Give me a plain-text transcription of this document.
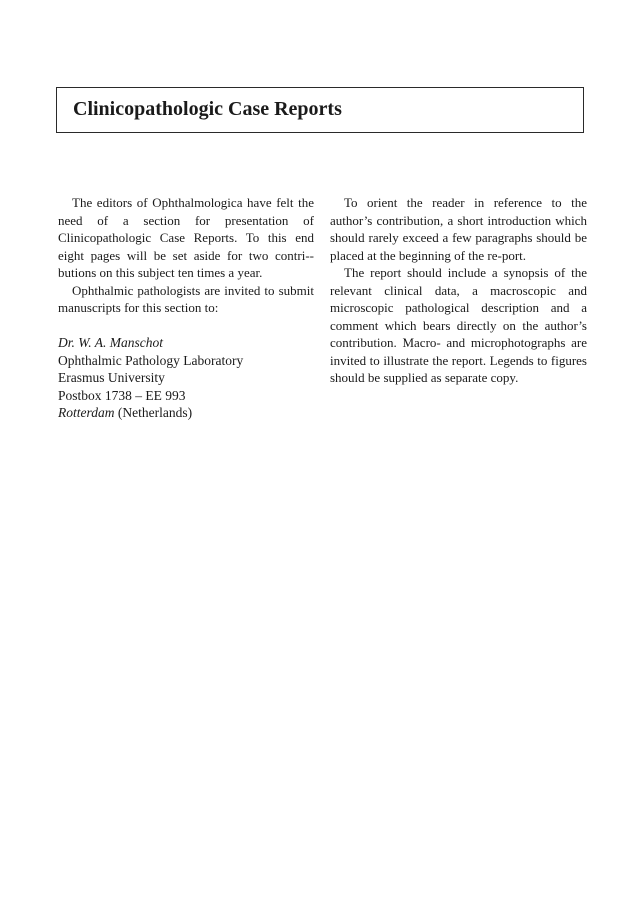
Clinicopathologic Case Reports

The editors of Ophthalmologica have felt the need of a section for presentation of Clinicopathologic Case Reports. To this end eight pages will be set aside for two contri-butions on this subject ten times a year.

Ophthalmic pathologists are invited to submit manuscripts for this section to:

Dr. W. A. Manschot
Ophthalmic Pathology Laboratory
Erasmus University
Postbox 1738 – EE 993
Rotterdam (Netherlands)

To orient the reader in reference to the author’s contribution, a short introduction which should rarely exceed a few paragraphs should be placed at the beginning of the re-port.

The report should include a synopsis of the relevant clinical data, a macroscopic and microscopic pathological description and a comment which bears directly on the author’s contribution. Macro- and microphotographs are invited to illustrate the report. Legends to figures should be supplied as separate copy.
